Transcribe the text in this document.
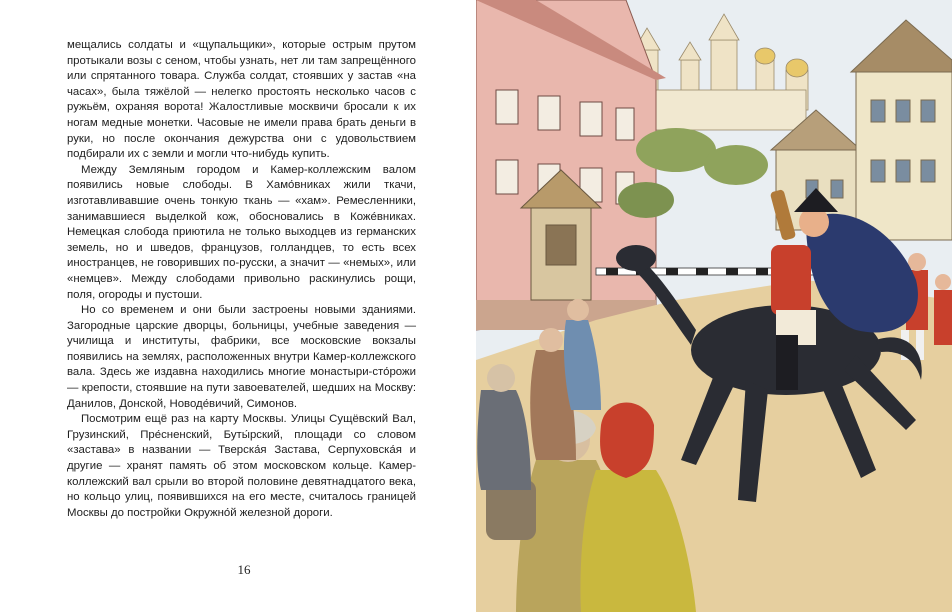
мещались солдаты и «щупальщики», которые острым прутом протыкали возы с сеном, чтобы узнать, нет ли там запрещённого или спрятанного товара. Служба солдат, стоявших у застав «на часах», была тяжёлой — нелегко простоять несколько часов с ружьём, охраняя ворота! Жалостливые москвичи бросали к их ногам медные монетки. Часовые не имели права брать деньги в руки, но после окончания дежурства они с удовольствием подбирали их с земли и могли что-нибудь купить.

Между Земляным городом и Камер-коллежским валом появились новые слободы. В Хамо́вниках жили ткачи, изготавливавшие очень тонкую ткань — «хам». Ремесленники, занимавшиеся выделкой кож, обосновались в Коже́вниках. Немецкая слобода приютила не только выходцев из германских земель, но и шведов, французов, голландцев, то есть всех иностранцев, не говоривших по-русски, а значит — «немых», или «немцев». Между слободами привольно раскинулись рощи, поля, огороды и пустоши.

Но со временем и они были застроены новыми зданиями. Загородные царские дворцы, больницы, учебные заведения — училища и институты, фабрики, все московские вокзалы появились на землях, расположенных внутри Камер-коллежского вала. Здесь же издавна находились многие монастыри-сто́рожи — крепости, стоявшие на пути завоевателей, шедших на Москву: Данилов, Донской, Новоде́вичий, Симонов.

Посмотрим ещё раз на карту Москвы. Улицы Сущёвский Вал, Грузинский, Пре́сненский, Буты́рский, площади со словом «застава» в названии — Тверска́я Застава, Серпуховска́я и другие — хранят память об этом московском кольце. Камер-коллежский вал срыли во второй половине девятнадцатого века, но кольцо улиц, появившихся на его месте, считалось границей Москвы до постройки Окружно́й железной дороги.

16
